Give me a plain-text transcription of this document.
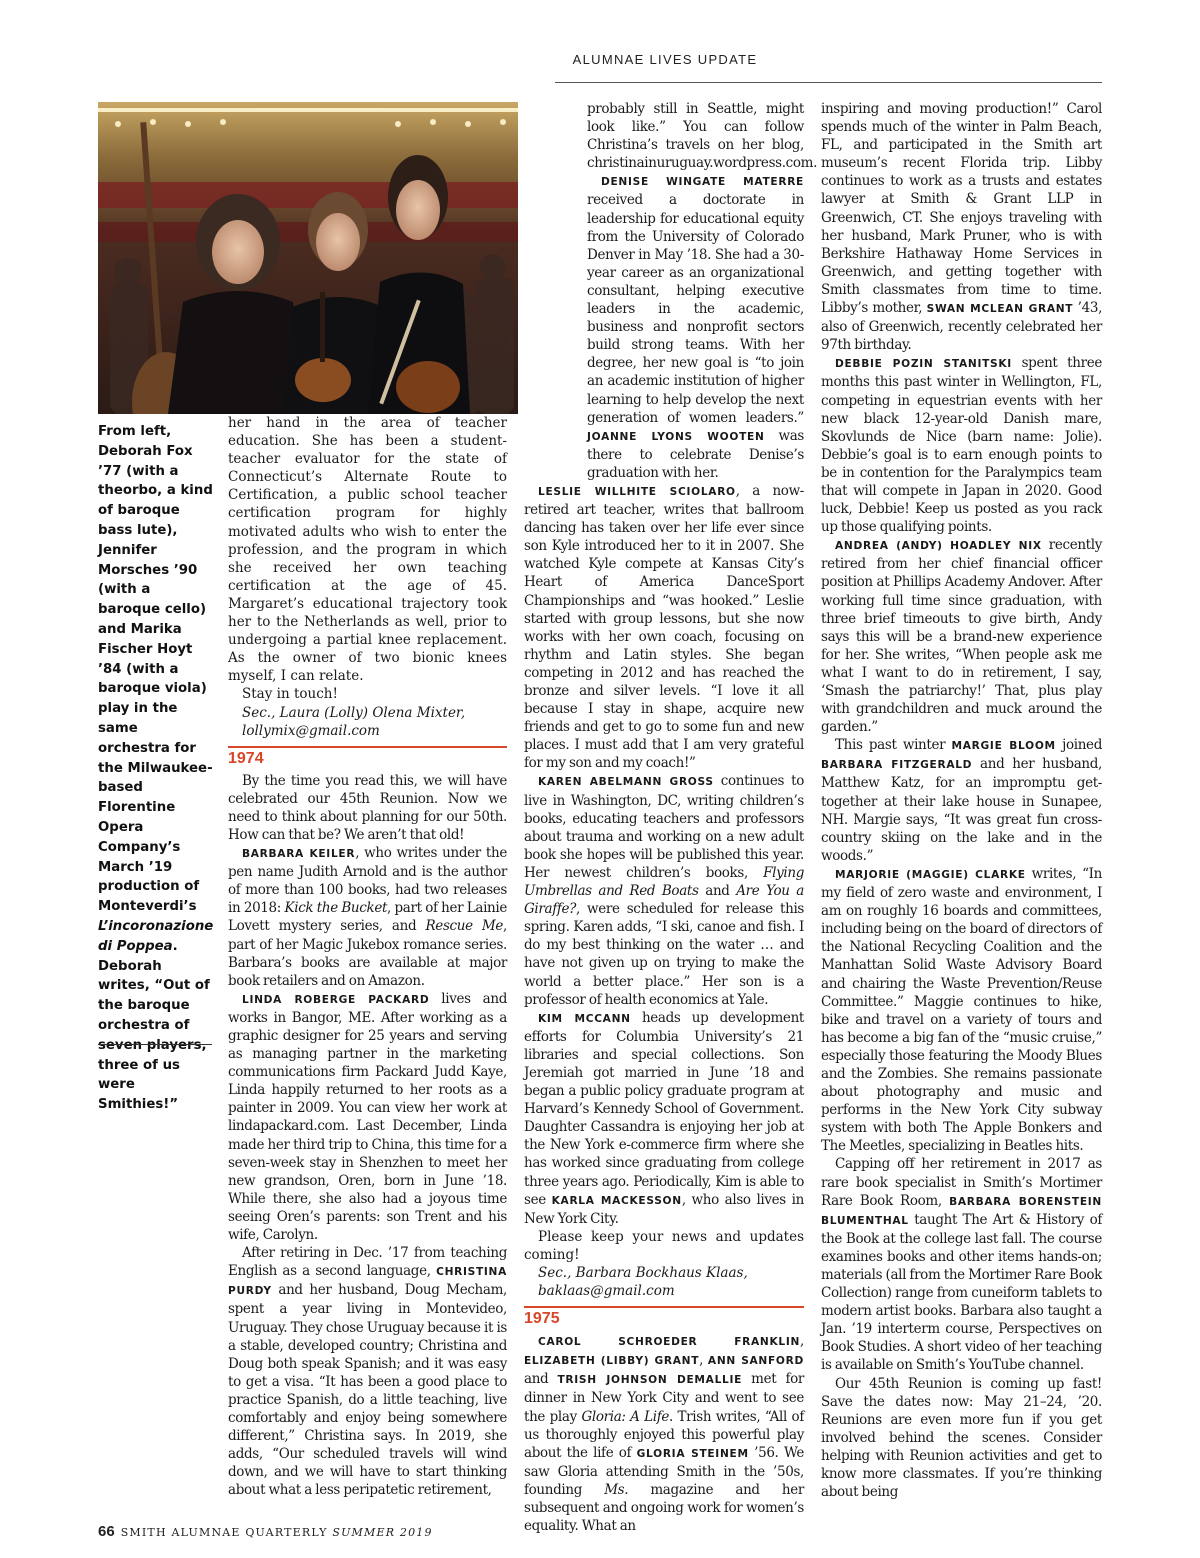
ALUMNAE LIVES UPDATE
From left, Deborah Fox ’77 (with a theorbo, a kind of baroque bass lute), Jennifer Morsches ’90 (with a baroque cello) and Marika Fischer Hoyt ’84 (with a baroque viola) play in the same orchestra for the Milwaukee-based Florentine Opera Company’s March ’19 production of Monteverdi’s L’incoronazione di Poppea. Deborah writes, “Out of the baroque orchestra of seven players, three of us were Smithies!”

her hand in the area of teacher education. She has been a student-teacher evaluator for the state of Connecticut’s Alternate Route to Certification, a public school teacher certification program for highly motivated adults who wish to enter the profession, and the program in which she received her own teaching certification at the age of 45. Margaret’s educational trajectory took her to the Netherlands as well, prior to undergoing a partial knee replacement. As the owner of two bionic knees myself, I can relate.

Stay in touch!

Sec., Laura (Lolly) Olena Mixter,

lollymix@gmail.com

1974

By the time you read this, we will have celebrated our 45th Reunion. Now we need to think about planning for our 50th. How can that be? We aren’t that old!

BARBARA KEILER, who writes under the pen name Judith Arnold and is the author of more than 100 books, had two releases in 2018: Kick the Bucket, part of her Lainie Lovett mystery series, and Rescue Me, part of her Magic Jukebox romance series. Barbara’s books are available at major book retailers and on Amazon.

LINDA ROBERGE PACKARD lives and works in Bangor, ME. After working as a graphic designer for 25 years and serving as managing partner in the marketing communications firm Packard Judd Kaye, Linda happily returned to her roots as a painter in 2009. You can view her work at lindapackard.com. Last December, Linda made her third trip to China, this time for a seven-week stay in Shenzhen to meet her new grandson, Oren, born in June ’18. While there, she also had a joyous time seeing Oren’s parents: son Trent and his wife, Carolyn.

After retiring in Dec. ’17 from teaching English as a second language, CHRISTINA PURDY and her husband, Doug Mecham, spent a year living in Montevideo, Uruguay. They chose Uruguay because it is a stable, developed country; Christina and Doug both speak Spanish; and it was easy to get a visa. “It has been a good place to practice Spanish, do a little teaching, live comfortably and enjoy being somewhere different,” Christina says. In 2019, she adds, “Our scheduled travels will wind down, and we will have to start thinking about what a less peripatetic retirement,

probably still in Seattle, might look like.” You can follow Christina’s travels on her blog, christinainuruguay.wordpress.com.

DENISE WINGATE MATERRE received a doctorate in leadership for educational equity from the University of Colorado Denver in May ’18. She had a 30-year career as an organizational consultant, helping executive leaders in the academic, business and nonprofit sectors build strong teams. With her degree, her new goal is “to join an academic institution of higher learning to help develop the next generation of women leaders.” JOANNE LYONS WOOTEN was there to celebrate Denise’s graduation with her.

LESLIE WILLHITE SCIOLARO, a now-retired art teacher, writes that ballroom dancing has taken over her life ever since son Kyle introduced her to it in 2007. She watched Kyle compete at Kansas City’s Heart of America DanceSport Championships and “was hooked.” Leslie started with group lessons, but she now works with her own coach, focusing on rhythm and Latin styles. She began competing in 2012 and has reached the bronze and silver levels. “I love it all because I stay in shape, acquire new friends and get to go to some fun and new places. I must add that I am very grateful for my son and my coach!”

KAREN ABELMANN GROSS continues to live in Washington, DC, writing children’s books, educating teachers and professors about trauma and working on a new adult book she hopes will be published this year. Her newest children’s books, Flying Umbrellas and Red Boats and Are You a Giraffe?, were scheduled for release this spring. Karen adds, “I ski, canoe and fish. I do my best thinking on the water … and have not given up on trying to make the world a better place.” Her son is a professor of health economics at Yale.

KIM MCCANN heads up development efforts for Columbia University’s 21 libraries and special collections. Son Jeremiah got married in June ’18 and began a public policy graduate program at Harvard’s Kennedy School of Government. Daughter Cassandra is enjoying her job at the New York e-commerce firm where she has worked since graduating from college three years ago. Periodically, Kim is able to see KARLA MACKESSON, who also lives in New York City.

Please keep your news and updates coming!

Sec., Barbara Bockhaus Klaas,

baklaas@gmail.com

1975

CAROL SCHROEDER FRANKLIN, ELIZABETH (LIBBY) GRANT, ANN SANFORD and TRISH JOHNSON DEMALLIE met for dinner in New York City and went to see the play Gloria: A Life. Trish writes, “All of us thoroughly enjoyed this powerful play about the life of GLORIA STEINEM ’56. We saw Gloria attending Smith in the ’50s, founding Ms. magazine and her subsequent and ongoing work for women’s equality. What an

inspiring and moving production!” Carol spends much of the winter in Palm Beach, FL, and participated in the Smith art museum’s recent Florida trip. Libby continues to work as a trusts and estates lawyer at Smith & Grant LLP in Greenwich, CT. She enjoys traveling with her husband, Mark Pruner, who is with Berkshire Hathaway Home Services in Greenwich, and getting together with Smith classmates from time to time. Libby’s mother, SWAN MCLEAN GRANT ’43, also of Greenwich, recently celebrated her 97th birthday.

DEBBIE POZIN STANITSKI spent three months this past winter in Wellington, FL, competing in equestrian events with her new black 12-year-old Danish mare, Skovlunds de Nice (barn name: Jolie). Debbie’s goal is to earn enough points to be in contention for the Paralympics team that will compete in Japan in 2020. Good luck, Debbie! Keep us posted as you rack up those qualifying points.

ANDREA (ANDY) HOADLEY NIX recently retired from her chief financial officer position at Phillips Academy Andover. After working full time since graduation, with three brief timeouts to give birth, Andy says this will be a brand-new experience for her. She writes, “When people ask me what I want to do in retirement, I say, ‘Smash the patriarchy!’ That, plus play with grandchildren and muck around the garden.”

This past winter MARGIE BLOOM joined BARBARA FITZGERALD and her husband, Matthew Katz, for an impromptu get-together at their lake house in Sunapee, NH. Margie says, “It was great fun cross-country skiing on the lake and in the woods.”

MARJORIE (MAGGIE) CLARKE writes, “In my field of zero waste and environment, I am on roughly 16 boards and committees, including being on the board of directors of the National Recycling Coalition and the Manhattan Solid Waste Advisory Board and chairing the Waste Prevention/Reuse Committee.” Maggie continues to hike, bike and travel on a variety of tours and has become a big fan of the “music cruise,” especially those featuring the Moody Blues and the Zombies. She remains passionate about photography and music and performs in the New York City subway system with both The Apple Bonkers and The Meetles, specializing in Beatles hits.

Capping off her retirement in 2017 as rare book specialist in Smith’s Mortimer Rare Book Room, BARBARA BORENSTEIN BLUMENTHAL taught The Art & History of the Book at the college last fall. The course examines books and other items hands-on; materials (all from the Mortimer Rare Book Collection) range from cuneiform tablets to modern artist books. Barbara also taught a Jan. ’19 interterm course, Perspectives on Book Studies. A short video of her teaching is available on Smith’s YouTube channel.

Our 45th Reunion is coming up fast! Save the dates now: May 21–24, ’20. Reunions are even more fun if you get involved behind the scenes. Consider helping with Reunion activities and get to know more classmates. If you’re thinking about being

66 SMITH ALUMNAE QUARTERLY SUMMER 2019
